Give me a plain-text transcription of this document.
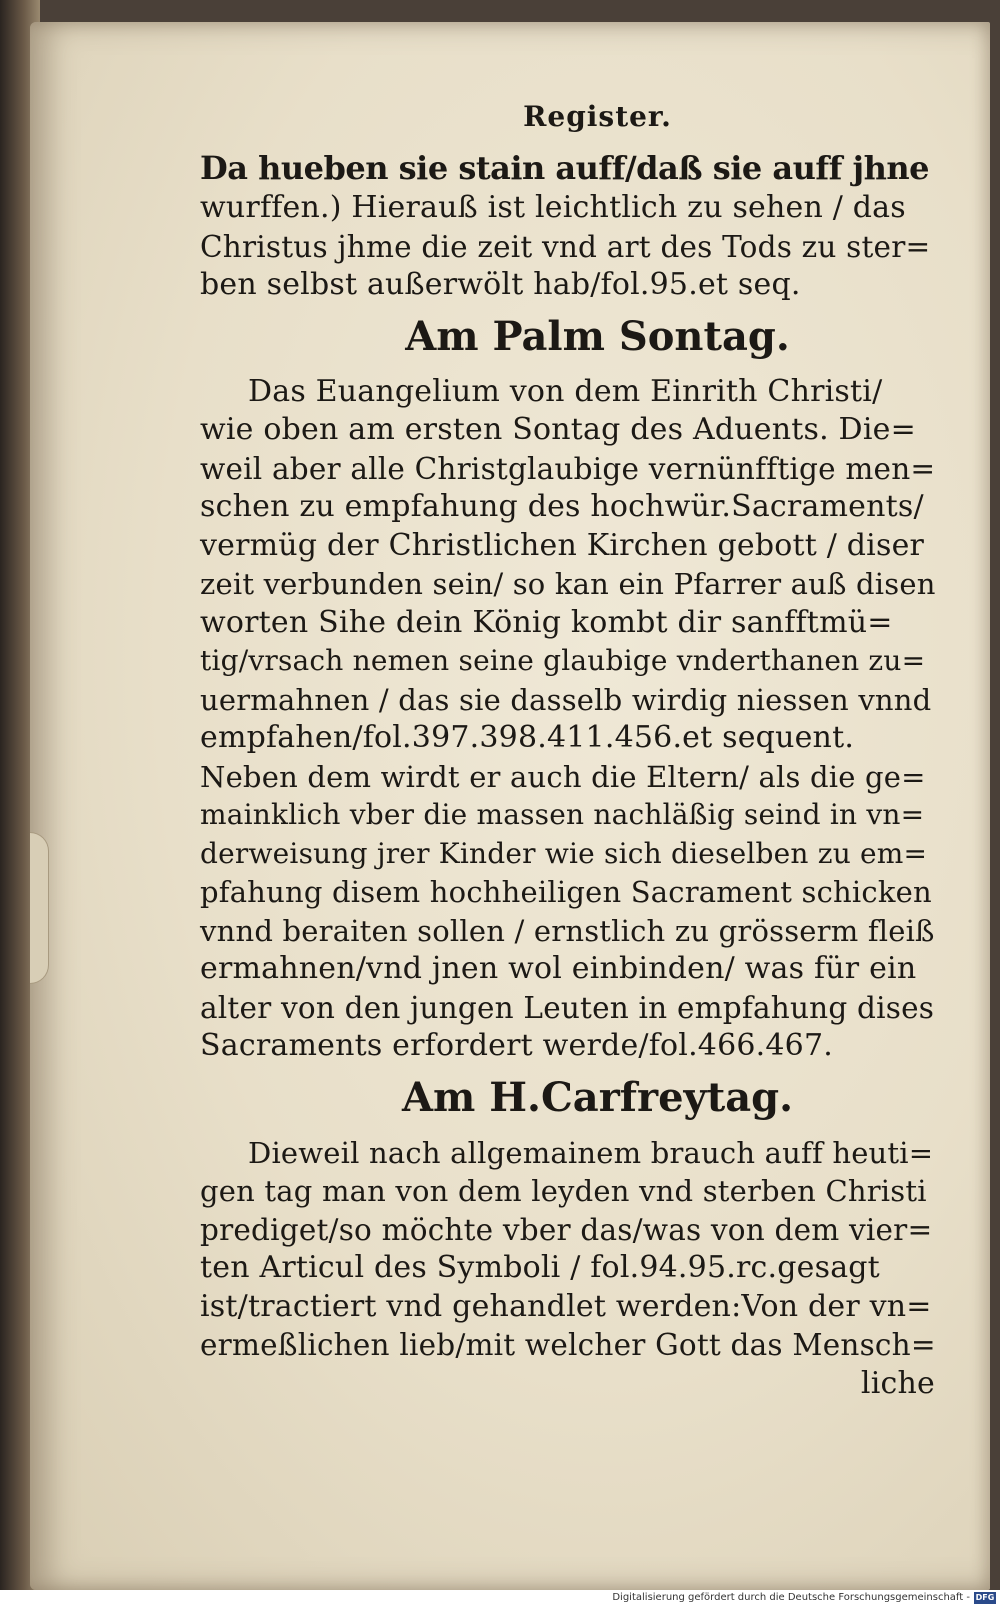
Register.
Da hueben sie stain auff/daß sie auff jhne
wurffen.) Hierauß ist leichtlich zu sehen / das
Christus jhme die zeit vnd art des Tods zu ster=
ben selbst außerwölt hab/fol.95.et seq.
Am Palm Sontag.
Das Euangelium von dem Einrith Christi/
wie oben am ersten Sontag des Aduents. Die=
weil aber alle Christglaubige vernünfftige men=
schen zu empfahung des hochwür.Sacraments/
vermüg der Christlichen Kirchen gebott / diser
zeit verbunden sein/ so kan ein Pfarrer auß disen
worten Sihe dein König kombt dir sanfftmü=
tig/vrsach nemen seine glaubige vnderthanen zu=
uermahnen / das sie dasselb wirdig niessen vnnd
empfahen/fol.397.398.411.456.et sequent.
Neben dem wirdt er auch die Eltern/ als die ge=
mainklich vber die massen nachläßig seind in vn=
derweisung jrer Kinder wie sich dieselben zu em=
pfahung disem hochheiligen Sacrament schicken
vnnd beraiten sollen / ernstlich zu grösserm fleiß
ermahnen/vnd jnen wol einbinden/ was für ein
alter von den jungen Leuten in empfahung dises
Sacraments erfordert werde/fol.466.467.
Am H.Carfreytag.
Dieweil nach allgemainem brauch auff heuti=
gen tag man von dem leyden vnd sterben Christi
prediget/so möchte vber das/was von dem vier=
ten Articul des Symboli / fol.94.95.rc.gesagt
ist/tractiert vnd gehandlet werden:Von der vn=
ermeßlichen lieb/mit welcher Gott das Mensch=
liche
Digitalisierung gefördert durch die Deutsche Forschungsgemeinschaft - DFG
